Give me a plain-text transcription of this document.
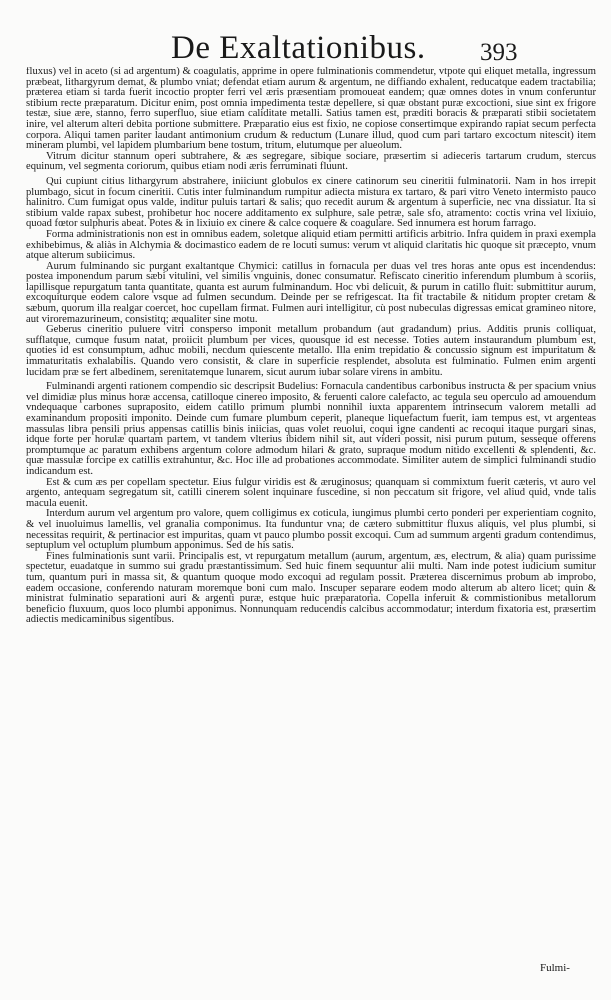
De Exaltationibus. 393

fluxus) vel in aceto (si ad argentum) & coagulatis, apprime in opere fulminationis commendetur, vtpote qui eliquet metalla, ingressum præbeat, lithargyrum demat, & plumbo vniat; defendat etiam aurum & argentum, ne diffiando exhalent, reducatque eadem tractabilia; præterea etiam si tarda fuerit incoctio propter ferri vel æris præsentiam promoueat eandem; quæ omnes dotes in vnum conferuntur stibium recte præparatum. Dicitur enim, post omnia impedimenta testæ depellere, si quæ obstant puræ excoctioni, siue sint ex frigore testæ, siue ære, stanno, ferro superfluo, siue etiam caliditate metalli. Satius tamen est, præditi boracis & præparati stibii societatem inire, vel alterum alteri debita portione submittere. Præparatio eius est fixio, ne copiose consertimque expirando rapiat secum perfecta corpora. Aliqui tamen pariter laudant antimonium crudum & reductum (Lunare illud, quod cum pari tartaro excoctum nitescit) item mineram plumbi, vel lapidem plumbarium bene tostum, tritum, elutumque per alueolum.

Vitrum dicitur stannum operi subtrahere, & æs segregare, sibique sociare, præsertim si adieceris tartarum crudum, stercus equinum, vel segmenta coriorum, quibus etiam nodi æris ferruminati fluunt.

Qui cupiunt citius lithargyrum abstrahere, iniiciunt globulos ex cinere catinorum seu cineritii fulminatorii. Nam in hos irrepit plumbago, sicut in focum cineritii. Cutis inter fulminandum rumpitur adiecta mistura ex tartaro, & pari vitro Veneto intermisto pauco halinitro. Cum fumigat opus valde, inditur puluis tartari & salis; quo recedit aurum & argentum à superficie, nec vna dissiatur. Ita si stibium valde rapax subest, prohibetur hoc nocere additamento ex sulphure, sale petræ, sale sfo, atramento: coctis vrina vel lixiuio, quoad fœtor sulphuris abeat. Potes & in lixiuio ex cinere & calce coquere & coagulare. Sed innumera est horum farrago.

Forma administrationis non est in omnibus eadem, soletque aliquid etiam permitti artificis arbitrio. Infra quidem in praxi exempla exhibebimus, & aliàs in Alchymia & docimastico eadem de re locuti sumus: verum vt aliquid claritatis hic quoque sit præcepto, vnum atque alterum subiicimus.

Aurum fulminando sic purgant exaltantque Chymici: catillus in fornacula per duas vel tres horas ante opus est incendendus: postea imponendum parum sæbi vitulini, vel similis vnguinis, donec consumatur. Refiscato cineritio inferendum plumbum à scoriis, lapillisque repurgatum tanta quantitate, quanta est aurum fulminandum. Hoc vbi delicuit, & purum in catillo fluit: submittitur aurum, excoquiturque eodem calore vsque ad fulmen secundum. Deinde per se refrigescat. Ita fit tractabile & nitidum propter cretam & sæbum, quorum illa realgar coercet, hoc cupellam firmat. Fulmen auri intelligitur, cù post nubeculas digressas emicat gramineo nitore, aut viroremazurineum, consistitq; æqualiter sine motu.

Geberus cineritio puluere vitri consperso imponit metallum probandum (aut gradandum) prius. Additis prunis colliquat, sufflatque, cumque fusum natat, proiicit plumbum per vices, quousque id est necesse. Toties autem instaurandum plumbum est, quoties id est consumptum, adhuc mobili, necdum quiescente metallo. Illa enim trepidatio & concussio signum est impuritatum & immaturitatis exhalabilis. Quando vero consistit, & clare in superficie resplendet, absoluta est fulminatio. Fulmen enim argenti lucidam præ se fert albedinem, serenitatemque lunarem, sicut aurum iubar solare virens in ambitu.

Fulminandi argenti rationem compendio sic descripsit Budelius: Fornacula candentibus carbonibus instructa & per spacium vnius vel dimidiæ plus minus horæ accensa, catilloque cinereo imposito, & feruenti calore calefacto, ac tegula seu operculo ad amouendum vndequaque carbones supraposito, eidem catillo primum plumbi nonnihil iuxta apparentem intrinsecum valorem metalli ad examinandum propositi imponito. Deinde cum fumare plumbum ceperit, planeque liquefactum fuerit, iam tempus est, vt argenteas massulas libra pensili prius appensas catillis binis iniicias, quas volet reuolui, coqui igne candenti ac recoqui itaque purgari sinas, idque forte per horulæ quartam partem, vt tandem vlterius ibidem nihil sit, aut videri possit, nisi purum putum, sesseque offerens promptumque ac paratum exhibens argentum colore admodum hilari & grato, supraque modum nitido excellenti & splendenti, &c. quæ massulæ forcipe ex catillis extrahuntur, &c. Hoc ille ad probationes accommodate. Similiter autem de simplici fulminandi studio indicandum est.

Est & cum æs per copellam spectetur. Eius fulgur viridis est & æruginosus; quanquam si commixtum fuerit cæteris, vt auro vel argento, antequam segregatum sit, catilli cinerem solent inquinare fuscedine, si non peccatum sit frigore, vel aliud quid, vnde talis macula euenit.

Interdum aurum vel argentum pro valore, quem colligimus ex coticula, iungimus plumbi certo ponderi per experientiam cognito, & vel inuoluimus lamellis, vel granalia componimus. Ita funduntur vna; de cætero submittitur fluxus aliquis, vel plus plumbi, si necessitas requirit, & pertinacior est impuritas, quam vt pauco plumbo possit excoqui. Cum ad summum argenti gradum contendimus, septuplum vel octuplum plumbum apponimus. Sed de his satis.

Fines fulminationis sunt varii. Principalis est, vt repurgatum metallum (aurum, argentum, æs, electrum, & alia) quam purissime spectetur, euadatque in summo sui gradu præstantissimum. Sed huic finem sequuntur alii multi. Nam inde potest iudicium sumitur tum, quantum puri in massa sit, & quantum quoque modo excoqui ad regulam possit. Præterea discernimus probum ab improbo, eadem occasione, conferendo naturam moremque boni cum malo. Inscuper separare eodem modo alterum ab altero licet; quin & ministrat fulminatio separationi auri & argenti puræ, estque huic præparatoria. Copella inferuit & commistionibus metallorum beneficio fluxuum, quos loco plumbi apponimus. Nonnunquam reducendis calcibus accommodatur; interdum fixatoria est, præsertim adiectis medicaminibus sigentibus.

Fulmi-
